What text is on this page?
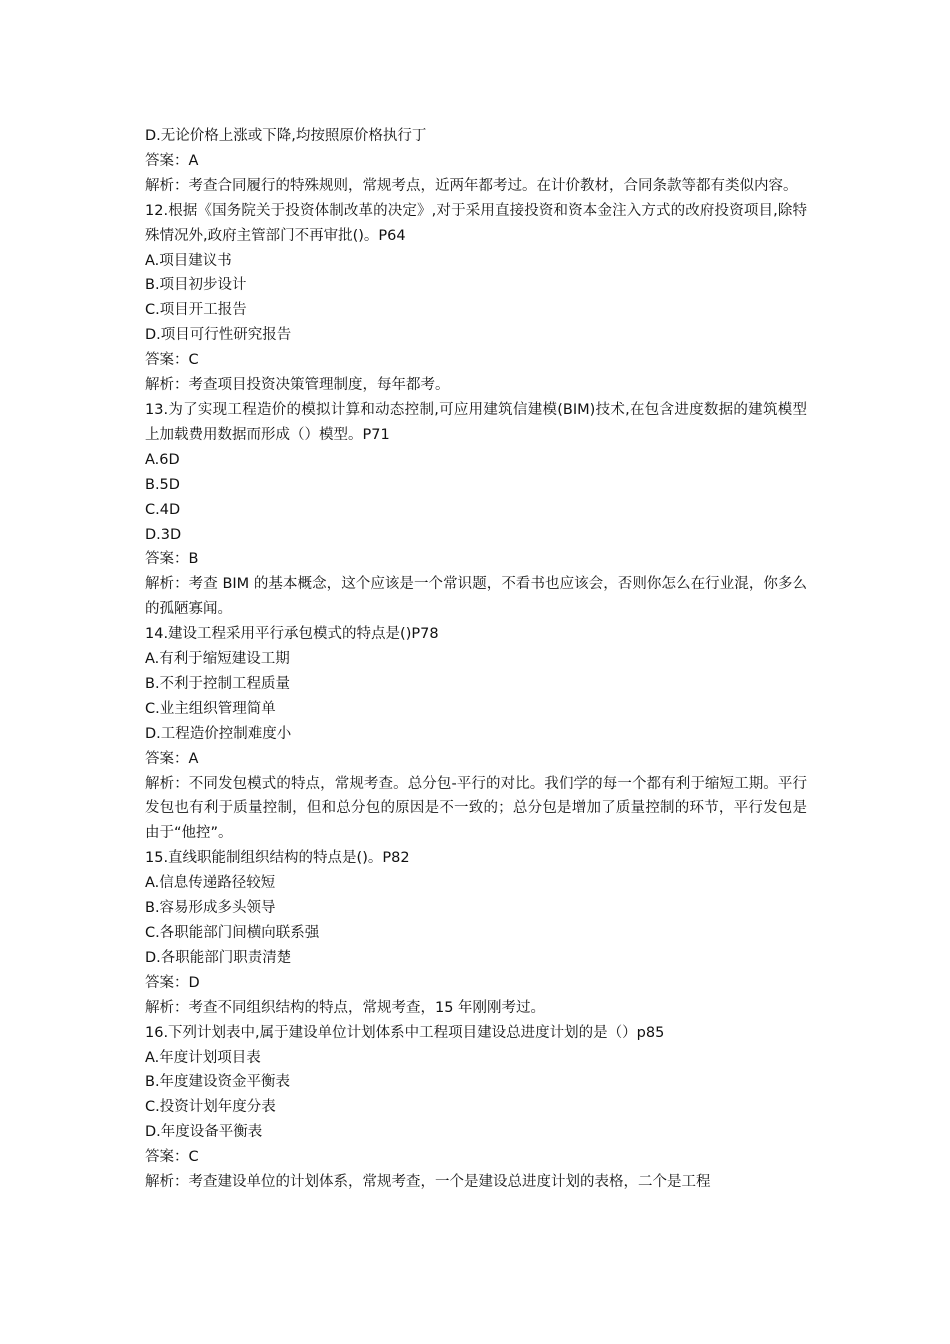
D.无论价格上涨或下降,均按照原价格执行丁

答案：A

解析：考查合同履行的特殊规则，常规考点，近两年都考过。在计价教材，合同条款等都有类似内容。

12.根据《国务院关于投资体制改革的决定》,对于采用直接投资和资本金注入方式的改府投资项目,除特殊情况外,政府主管部门不再审批()。P64

A.项目建议书

B.项目初步设计

C.项目开工报告

D.项目可行性研究报告

答案：C

解析：考查项目投资决策管理制度，每年都考。

13.为了实现工程造价的模拟计算和动态控制,可应用建筑信建模(BIM)技术,在包含进度数据的建筑模型上加载费用数据而形成（）模型。P71

A.6D

B.5D

C.4D

D.3D

答案：B

解析：考查 BIM 的基本概念，这个应该是一个常识题，不看书也应该会，否则你怎么在行业混，你多么的孤陋寡闻。

14.建设工程采用平行承包模式的特点是()P78

A.有利于缩短建设工期

B.不利于控制工程质量

C.业主组织管理简单

D.工程造价控制难度小

答案：A

解析：不同发包模式的特点，常规考查。总分包-平行的对比。我们学的每一个都有利于缩短工期。平行发包也有利于质量控制，但和总分包的原因是不一致的；总分包是增加了质量控制的环节，平行发包是由于“他控”。

15.直线职能制组织结构的特点是()。P82

A.信息传递路径较短

B.容易形成多头领导

C.各职能部门间横向联系强

D.各职能部门职责清楚

答案：D

解析：考查不同组织结构的特点，常规考查，15 年刚刚考过。

16.下列计划表中,属于建设单位计划体系中工程项目建设总进度计划的是（）p85

A.年度计划项目表

B.年度建设资金平衡表

C.投资计划年度分表

D.年度设备平衡表

答案：C

解析：考查建设单位的计划体系，常规考查，一个是建设总进度计划的表格，二个是工程
